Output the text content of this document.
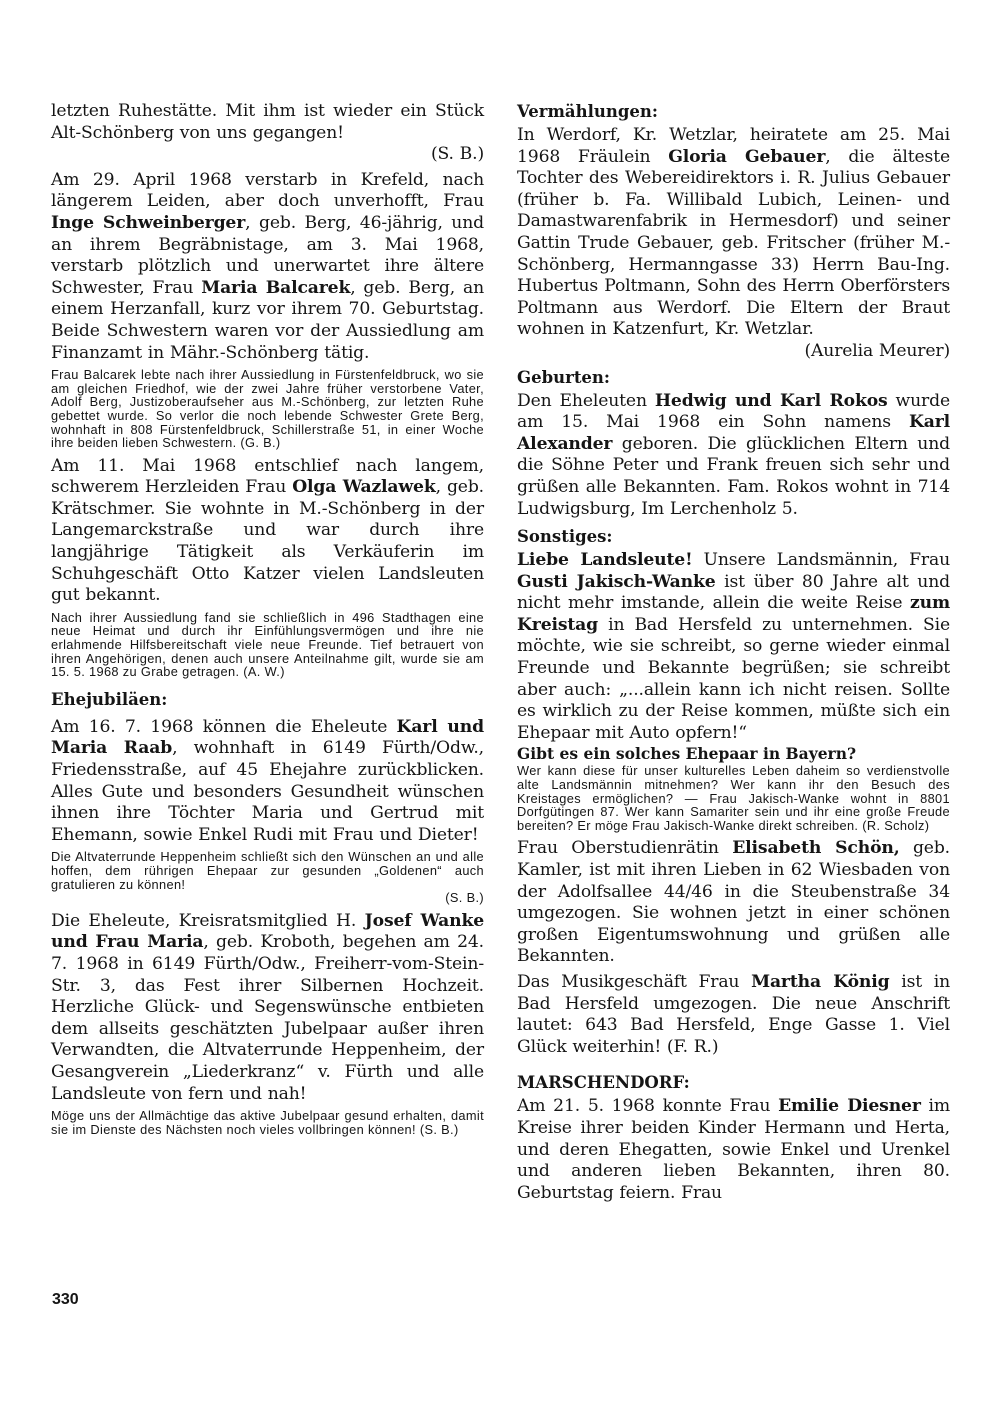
letzten Ruhestätte. Mit ihm ist wieder ein Stück Alt-Schönberg von uns gegangen!
(S. B.)

Am 29. April 1968 verstarb in Krefeld, nach längerem Leiden, aber doch unverhofft, Frau Inge Schweinberger, geb. Berg, 46-jährig, und an ihrem Begräbnistage, am 3. Mai 1968, verstarb plötzlich und unerwartet ihre ältere Schwester, Frau Maria Balcarek, geb. Berg, an einem Herzanfall, kurz vor ihrem 70. Geburtstag. Beide Schwestern waren vor der Aussiedlung am Finanzamt in Mähr.-Schönberg tätig.

Frau Balcarek lebte nach ihrer Aussiedlung in Fürstenfeldbruck, wo sie am gleichen Friedhof, wie der zwei Jahre früher verstorbene Vater, Adolf Berg, Justizoberaufseher aus M.-Schönberg, zur letzten Ruhe gebettet wurde. So verlor die noch lebende Schwester Grete Berg, wohnhaft in 808 Fürstenfeldbruck, Schillerstraße 51, in einer Woche ihre beiden lieben Schwestern. (G. B.)

Am 11. Mai 1968 entschlief nach langem, schwerem Herzleiden Frau Olga Wazlawek, geb. Krätschmer. Sie wohnte in M.-Schönberg in der Langemarckstraße und war durch ihre langjährige Tätigkeit als Verkäuferin im Schuhgeschäft Otto Katzer vielen Landsleuten gut bekannt.

Nach ihrer Aussiedlung fand sie schließlich in 496 Stadthagen eine neue Heimat und durch ihr Einfühlungsvermögen und ihre nie erlahmende Hilfsbereitschaft viele neue Freunde. Tief betrauert von ihren Angehörigen, denen auch unsere Anteilnahme gilt, wurde sie am 15. 5. 1968 zu Grabe getragen. (A. W.)

Ehejubiläen:

Am 16. 7. 1968 können die Eheleute Karl und Maria Raab, wohnhaft in 6149 Fürth/Odw., Friedensstraße, auf 45 Ehejahre zurückblicken. Alles Gute und besonders Gesundheit wünschen ihnen ihre Töchter Maria und Gertrud mit Ehemann, sowie Enkel Rudi mit Frau und Dieter!

Die Altvaterrunde Heppenheim schließt sich den Wünschen an und alle hoffen, dem rührigen Ehepaar zur gesunden „Goldenen“ auch gratulieren zu können!
(S. B.)

Die Eheleute, Kreisratsmitglied H. Josef Wanke und Frau Maria, geb. Kroboth, begehen am 24. 7. 1968 in 6149 Fürth/Odw., Freiherr-vom-Stein-Str. 3, das Fest ihrer Silbernen Hochzeit. Herzliche Glück- und Segenswünsche entbieten dem allseits geschätzten Jubelpaar außer ihren Verwandten, die Altvaterrunde Heppenheim, der Gesangverein „Liederkranz“ v. Fürth und alle Landsleute von fern und nah!

Möge uns der Allmächtige das aktive Jubelpaar gesund erhalten, damit sie im Dienste des Nächsten noch vieles vollbringen können! (S. B.)

Vermählungen:

In Werdorf, Kr. Wetzlar, heiratete am 25. Mai 1968 Fräulein Gloria Gebauer, die älteste Tochter des Webereidirektors i. R. Julius Gebauer (früher b. Fa. Willibald Lubich, Leinen- und Damastwarenfabrik in Hermesdorf) und seiner Gattin Trude Gebauer, geb. Fritscher (früher M.-Schönberg, Hermanngasse 33) Herrn Bau-Ing. Hubertus Poltmann, Sohn des Herrn Oberförsters Poltmann aus Werdorf. Die Eltern der Braut wohnen in Katzenfurt, Kr. Wetzlar.
(Aurelia Meurer)

Geburten:

Den Eheleuten Hedwig und Karl Rokos wurde am 15. Mai 1968 ein Sohn namens Karl Alexander geboren. Die glücklichen Eltern und die Söhne Peter und Frank freuen sich sehr und grüßen alle Bekannten. Fam. Rokos wohnt in 714 Ludwigsburg, Im Lerchenholz 5.

Sonstiges:

Liebe Landsleute! Unsere Landsmännin, Frau Gusti Jakisch-Wanke ist über 80 Jahre alt und nicht mehr imstande, allein die weite Reise zum Kreistag in Bad Hersfeld zu unternehmen. Sie möchte, wie sie schreibt, so gerne wieder einmal Freunde und Bekannte begrüßen; sie schreibt aber auch: „...allein kann ich nicht reisen. Sollte es wirklich zu der Reise kommen, müßte sich ein Ehepaar mit Auto opfern!“

Gibt es ein solches Ehepaar in Bayern?

Wer kann diese für unser kulturelles Leben daheim so verdienstvolle alte Landsmännin mitnehmen? Wer kann ihr den Besuch des Kreistages ermöglichen? — Frau Jakisch-Wanke wohnt in 8801 Dorfgütingen 87. Wer kann Samariter sein und ihr eine große Freude bereiten? Er möge Frau Jakisch-Wanke direkt schreiben. (R. Scholz)

Frau Oberstudienrätin Elisabeth Schön, geb. Kamler, ist mit ihren Lieben in 62 Wiesbaden von der Adolfsallee 44/46 in die Steubenstraße 34 umgezogen. Sie wohnen jetzt in einer schönen großen Eigentumswohnung und grüßen alle Bekannten.

Das Musikgeschäft Frau Martha König ist in Bad Hersfeld umgezogen. Die neue Anschrift lautet: 643 Bad Hersfeld, Enge Gasse 1. Viel Glück weiterhin! (F. R.)

MARSCHENDORF:

Am 21. 5. 1968 konnte Frau Emilie Diesner im Kreise ihrer beiden Kinder Hermann und Herta, und deren Ehegatten, sowie Enkel und Urenkel und anderen lieben Bekannten, ihren 80. Geburtstag feiern. Frau

330
